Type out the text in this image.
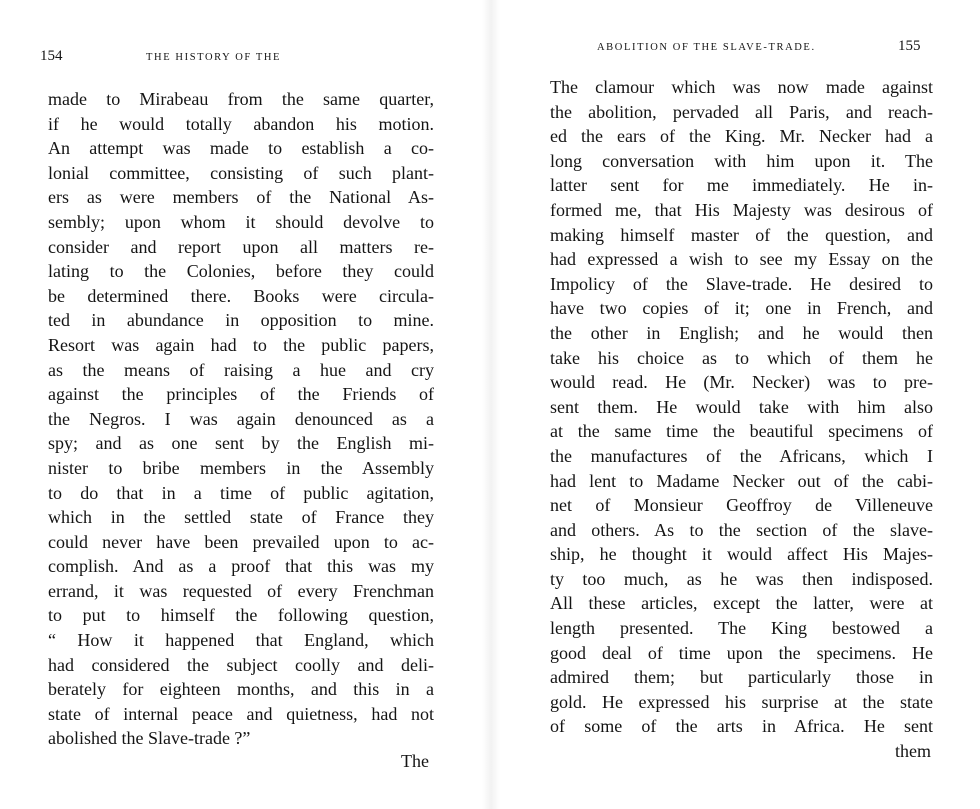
154	THE HISTORY OF THE
made to Mirabeau from the same quarter,
if he would totally abandon his motion.
An attempt was made to establish a co-
lonial committee, consisting of such plant-
ers as were members of the National As-
sembly; upon whom it should devolve to
consider and report upon all matters re-
lating to the Colonies, before they could
be determined there. Books were circula-
ted in abundance in opposition to mine.
Resort was again had to the public papers,
as the means of raising a hue and cry
against the principles of the Friends of
the Negros. I was again denounced as a
spy; and as one sent by the English mi-
nister to bribe members in the Assembly
to do that in a time of public agitation,
which in the settled state of France they
could never have been prevailed upon to ac-
complish. And as a proof that this was my
errand, it was requested of every Frenchman
to put to himself the following question,
“ How it happened that England, which
had considered the subject coolly and deli-
berately for eighteen months, and this in a
state of internal peace and quietness, had not
abolished the Slave-trade ?”
The
ABOLITION OF THE SLAVE-TRADE.	155
The clamour which was now made against
the abolition, pervaded all Paris, and reach-
ed the ears of the King. Mr. Necker had a
long conversation with him upon it. The
latter sent for me immediately. He in-
formed me, that His Majesty was desirous of
making himself master of the question, and
had expressed a wish to see my Essay on the
Impolicy of the Slave-trade. He desired to
have two copies of it; one in French, and
the other in English; and he would then
take his choice as to which of them he
would read. He (Mr. Necker) was to pre-
sent them. He would take with him also
at the same time the beautiful specimens of
the manufactures of the Africans, which I
had lent to Madame Necker out of the cabi-
net of Monsieur Geoffroy de Villeneuve
and others. As to the section of the slave-
ship, he thought it would affect His Majes-
ty too much, as he was then indisposed.
All these articles, except the latter, were at
length presented. The King bestowed a
good deal of time upon the specimens. He
admired them; but particularly those in
gold. He expressed his surprise at the state
of some of the arts in Africa. He sent
them
